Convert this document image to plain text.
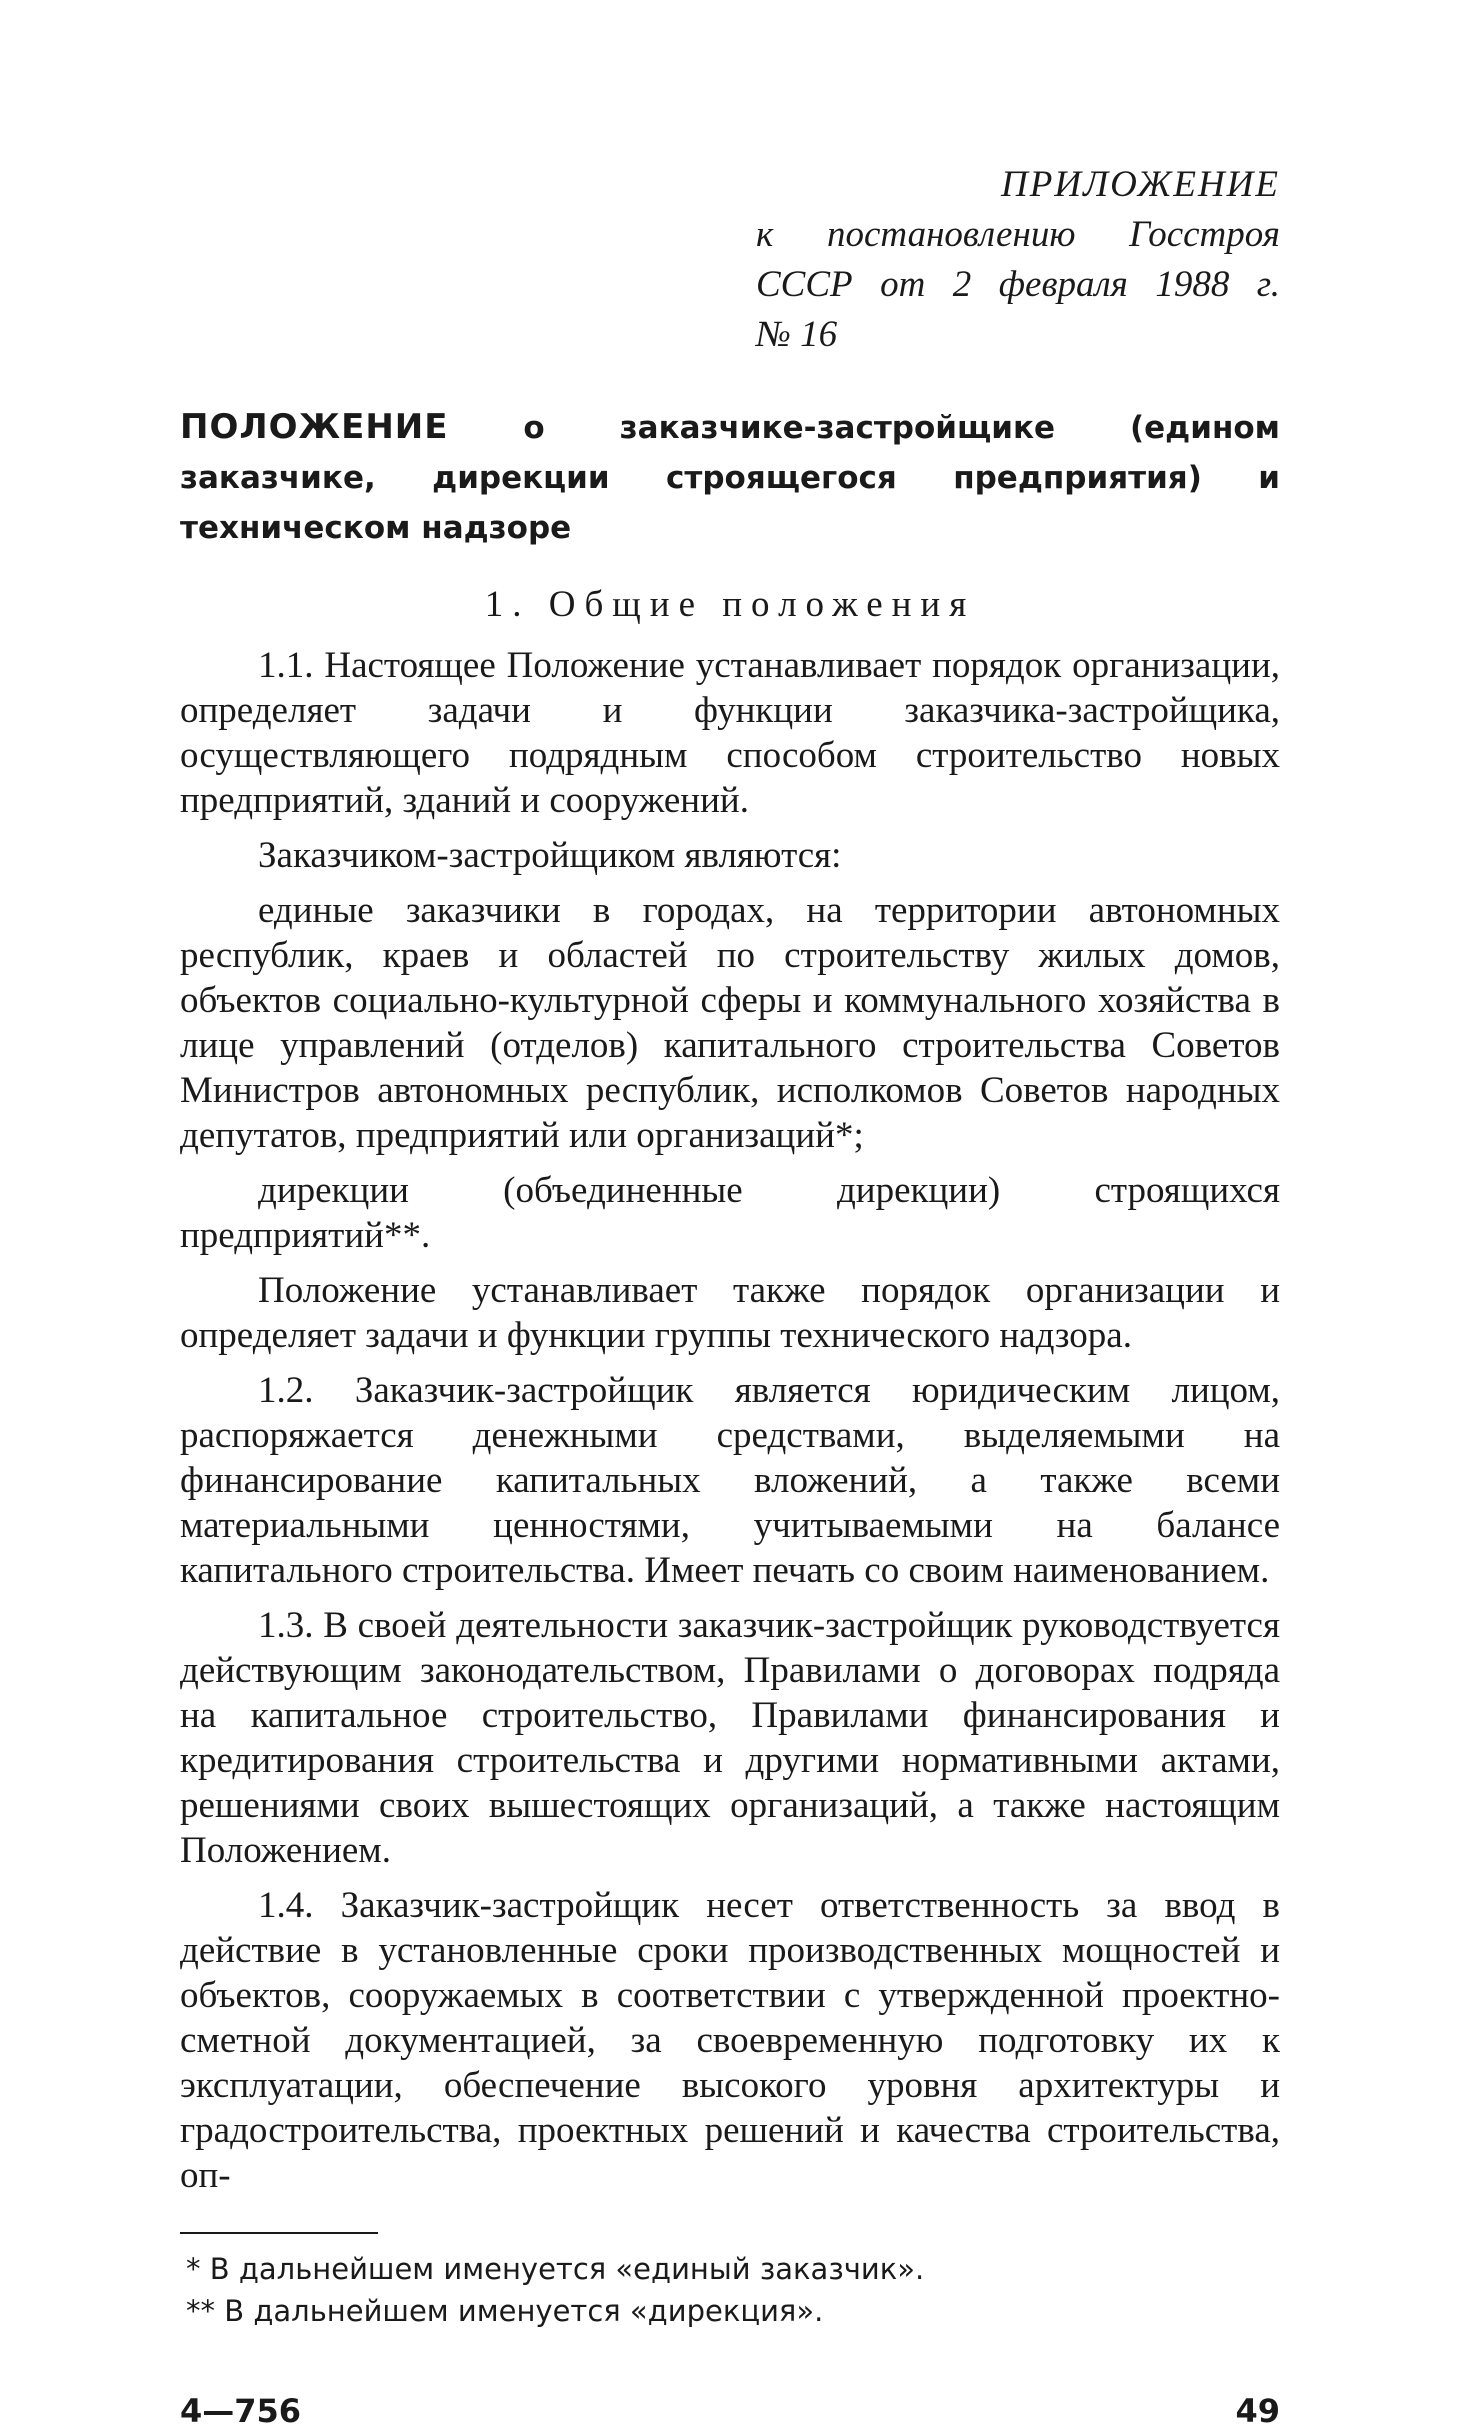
ПРИЛОЖЕНИЕ
к постановлению Госстроя
СССР от 2 февраля 1988 г.
№ 16
ПОЛОЖЕНИЕ о заказчике-застройщике (едином заказчике, дирекции строящегося предприятия) и техническом надзоре
1. Общие положения

1.1. Настоящее Положение устанавливает порядок организации, определяет задачи и функции заказчика-застройщика, осуществляющего подрядным способом строительство новых предприятий, зданий и сооружений.

Заказчиком-застройщиком являются:

единые заказчики в городах, на территории автономных республик, краев и областей по строительству жилых домов, объектов социально-культурной сферы и коммунального хозяйства в лице управлений (отделов) капитального строительства Советов Министров автономных республик, исполкомов Советов народных депутатов, предприятий или организаций*;

дирекции (объединенные дирекции) строящихся предприятий**.

Положение устанавливает также порядок организации и определяет задачи и функции группы технического надзора.

1.2. Заказчик-застройщик является юридическим лицом, распоряжается денежными средствами, выделяемыми на финансирование капитальных вложений, а также всеми материальными ценностями, учитываемыми на балансе капитального строительства. Имеет печать со своим наименованием.

1.3. В своей деятельности заказчик-застройщик руководствуется действующим законодательством, Правилами о договорах подряда на капитальное строительство, Правилами финансирования и кредитирования строительства и другими нормативными актами, решениями своих вышестоящих организаций, а также настоящим Положением.

1.4. Заказчик-застройщик несет ответственность за ввод в действие в установленные сроки производственных мощностей и объектов, сооружаемых в соответствии с утвержденной проектно-сметной документацией, за своевременную подготовку их к эксплуатации, обеспечение высокого уровня архитектуры и градостроительства, проектных решений и качества строительства, оп-

* В дальнейшем именуется «единый заказчик».
** В дальнейшем именуется «дирекция».
4—756	49
